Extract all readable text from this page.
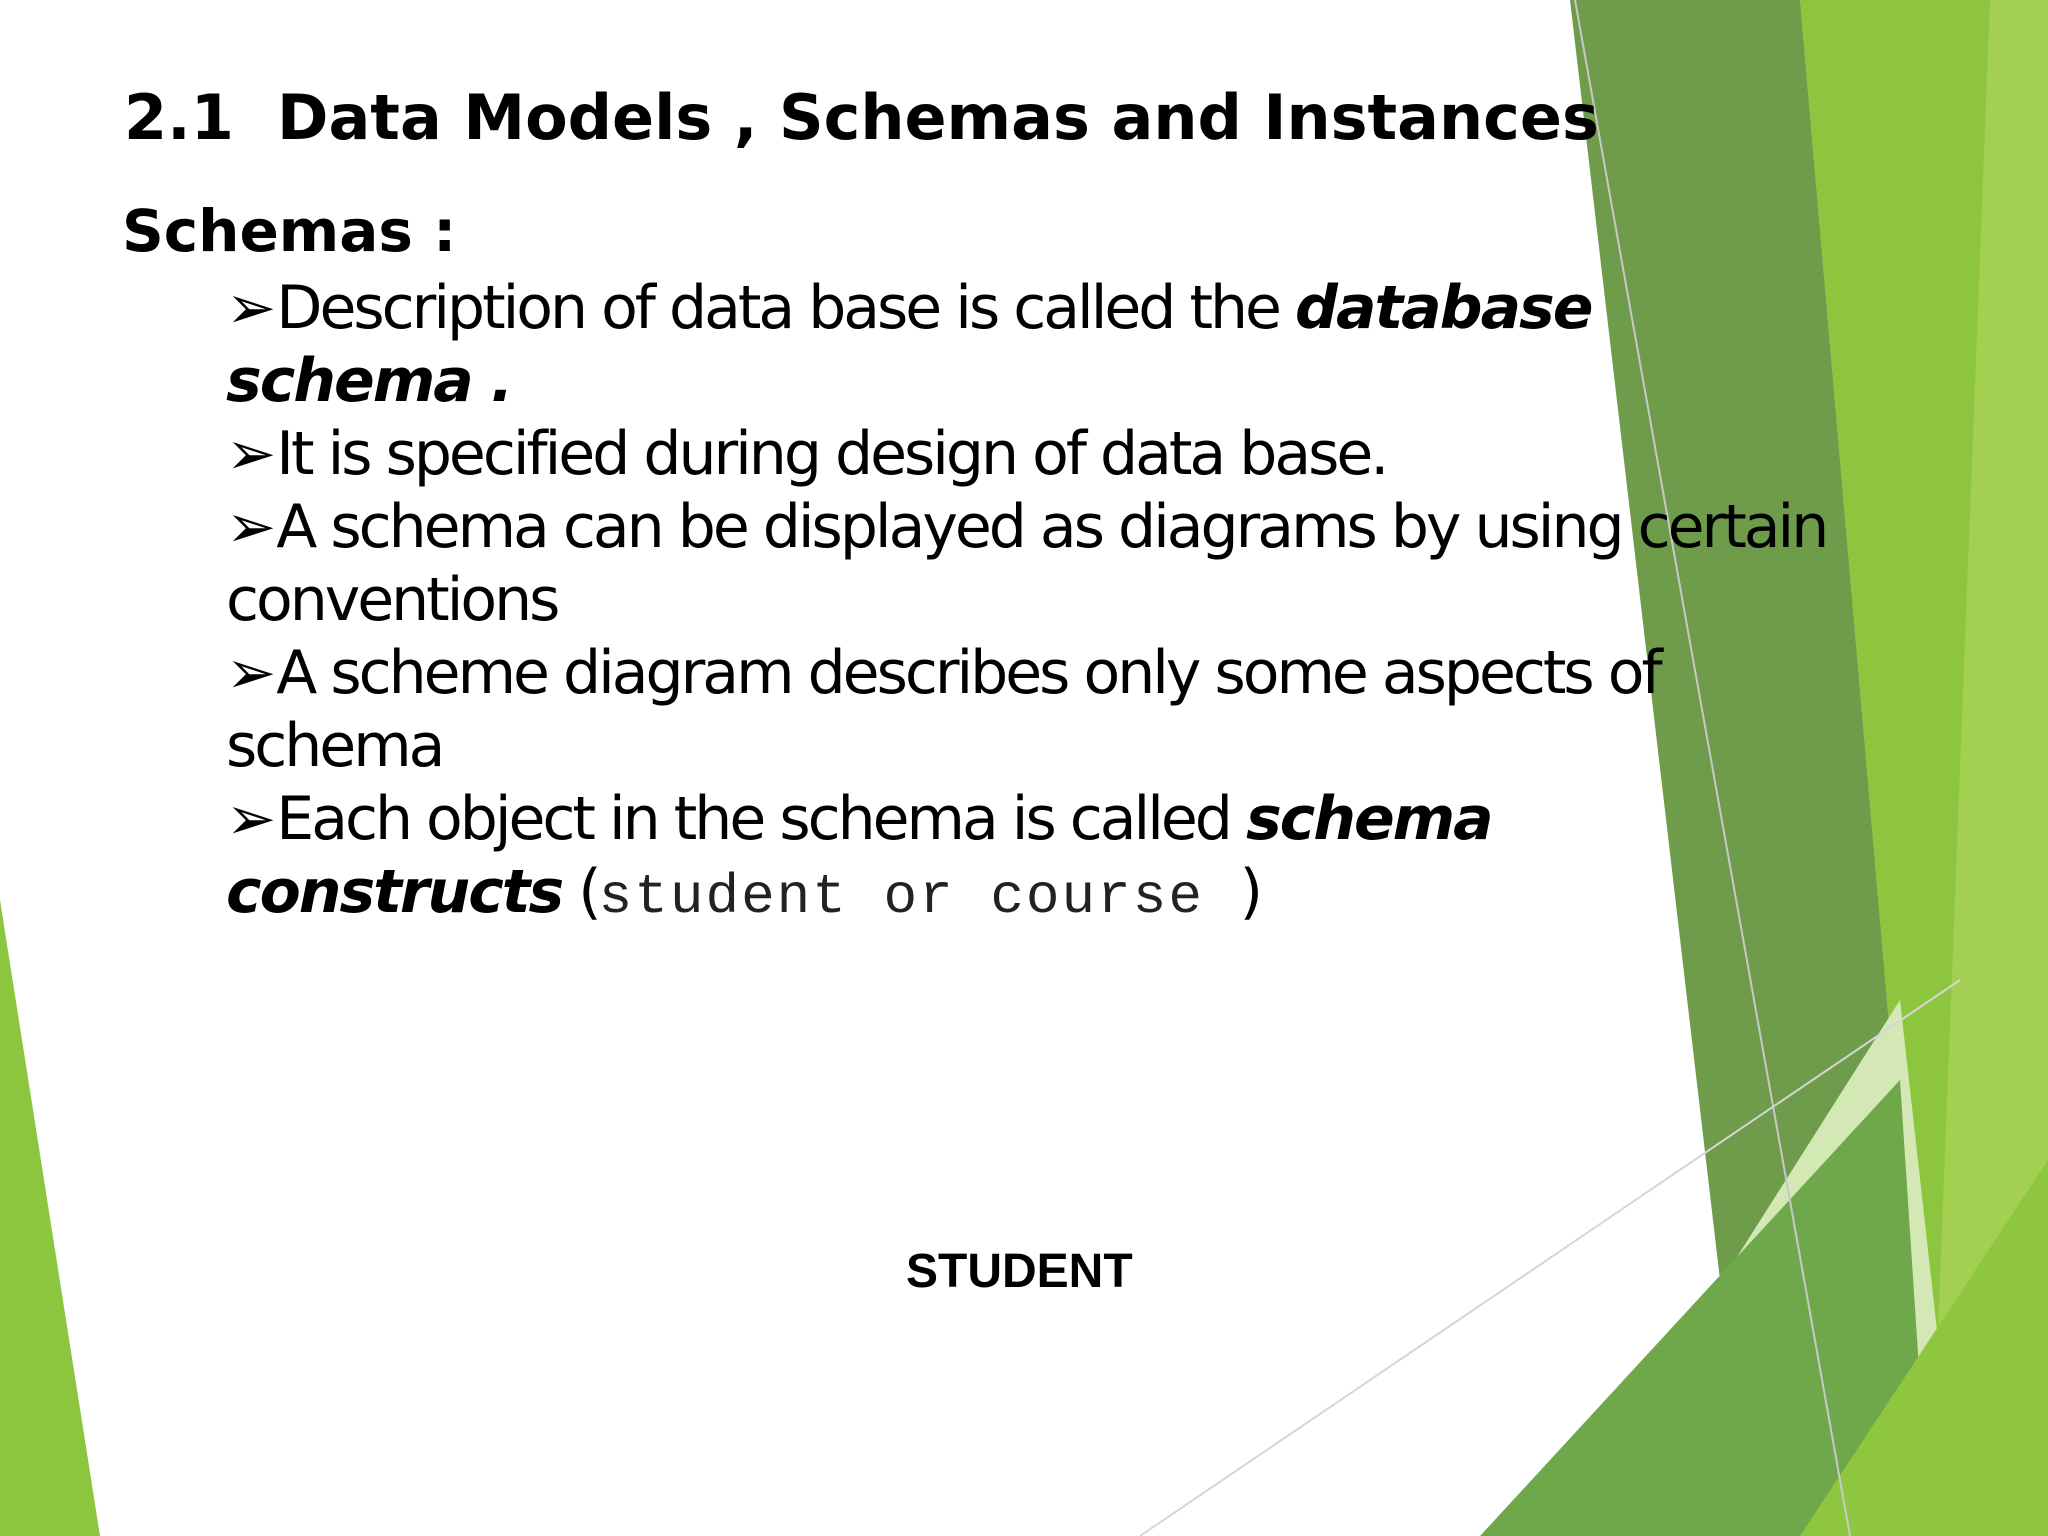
2.1  Data Models , Schemas and Instances
Schemas :
➢Description of data base is called the database schema .
➢It is specified during design of data base.
➢A schema can be displayed as diagrams by using certain conventions
➢A scheme diagram describes only some aspects of schema
➢Each object in the schema is called schema constructs (student or course )
STUDENT
